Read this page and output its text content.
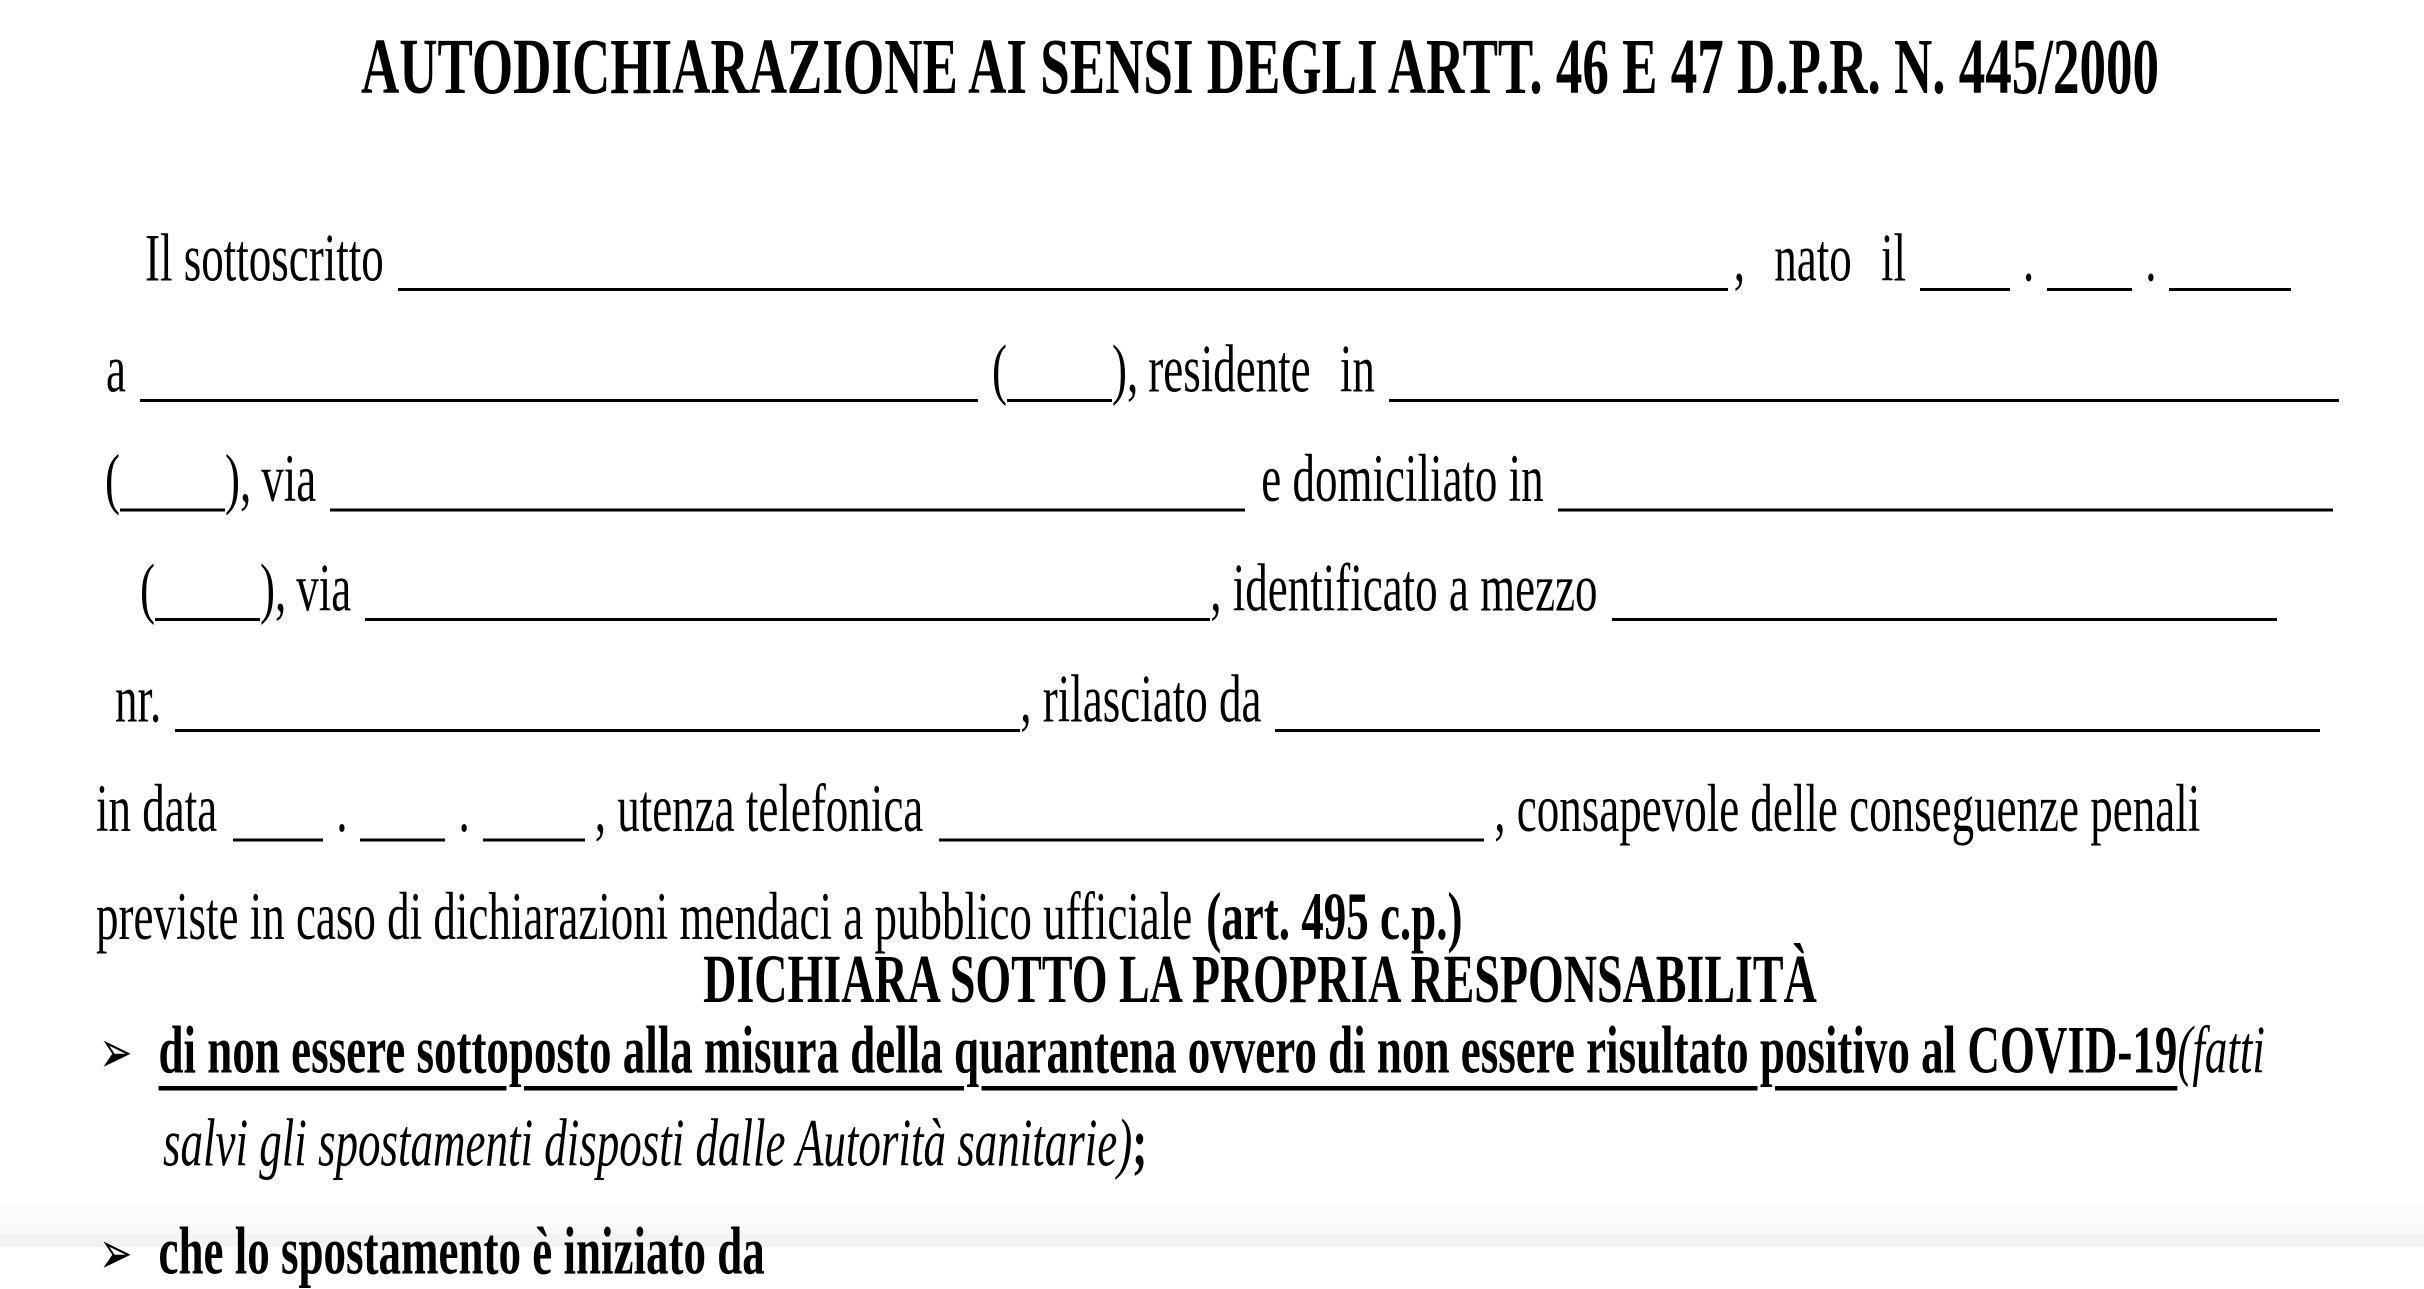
AUTODICHIARAZIONE AI SENSI DEGLI ARTT. 46 E 47 D.P.R. N. 445/2000
Il sottoscritto	, nato il	. .
a	( ), residente in
( ), via	e domiciliato in
( ), via	, identificato a mezzo
nr.	, rilasciato da
in data	. .	, utenza telefonica	, consapevole delle conseguenze penali
previste in caso di dichiarazioni mendaci a pubblico ufficiale (art. 495 c.p.)
DICHIARA SOTTO LA PROPRIA RESPONSABILITÀ
➢ di non essere sottoposto alla misura della quarantena ovvero di non essere risultato positivo al COVID-19(fatti
salvi gli spostamenti disposti dalle Autorità sanitarie);
➢ che lo spostamento è iniziato da
